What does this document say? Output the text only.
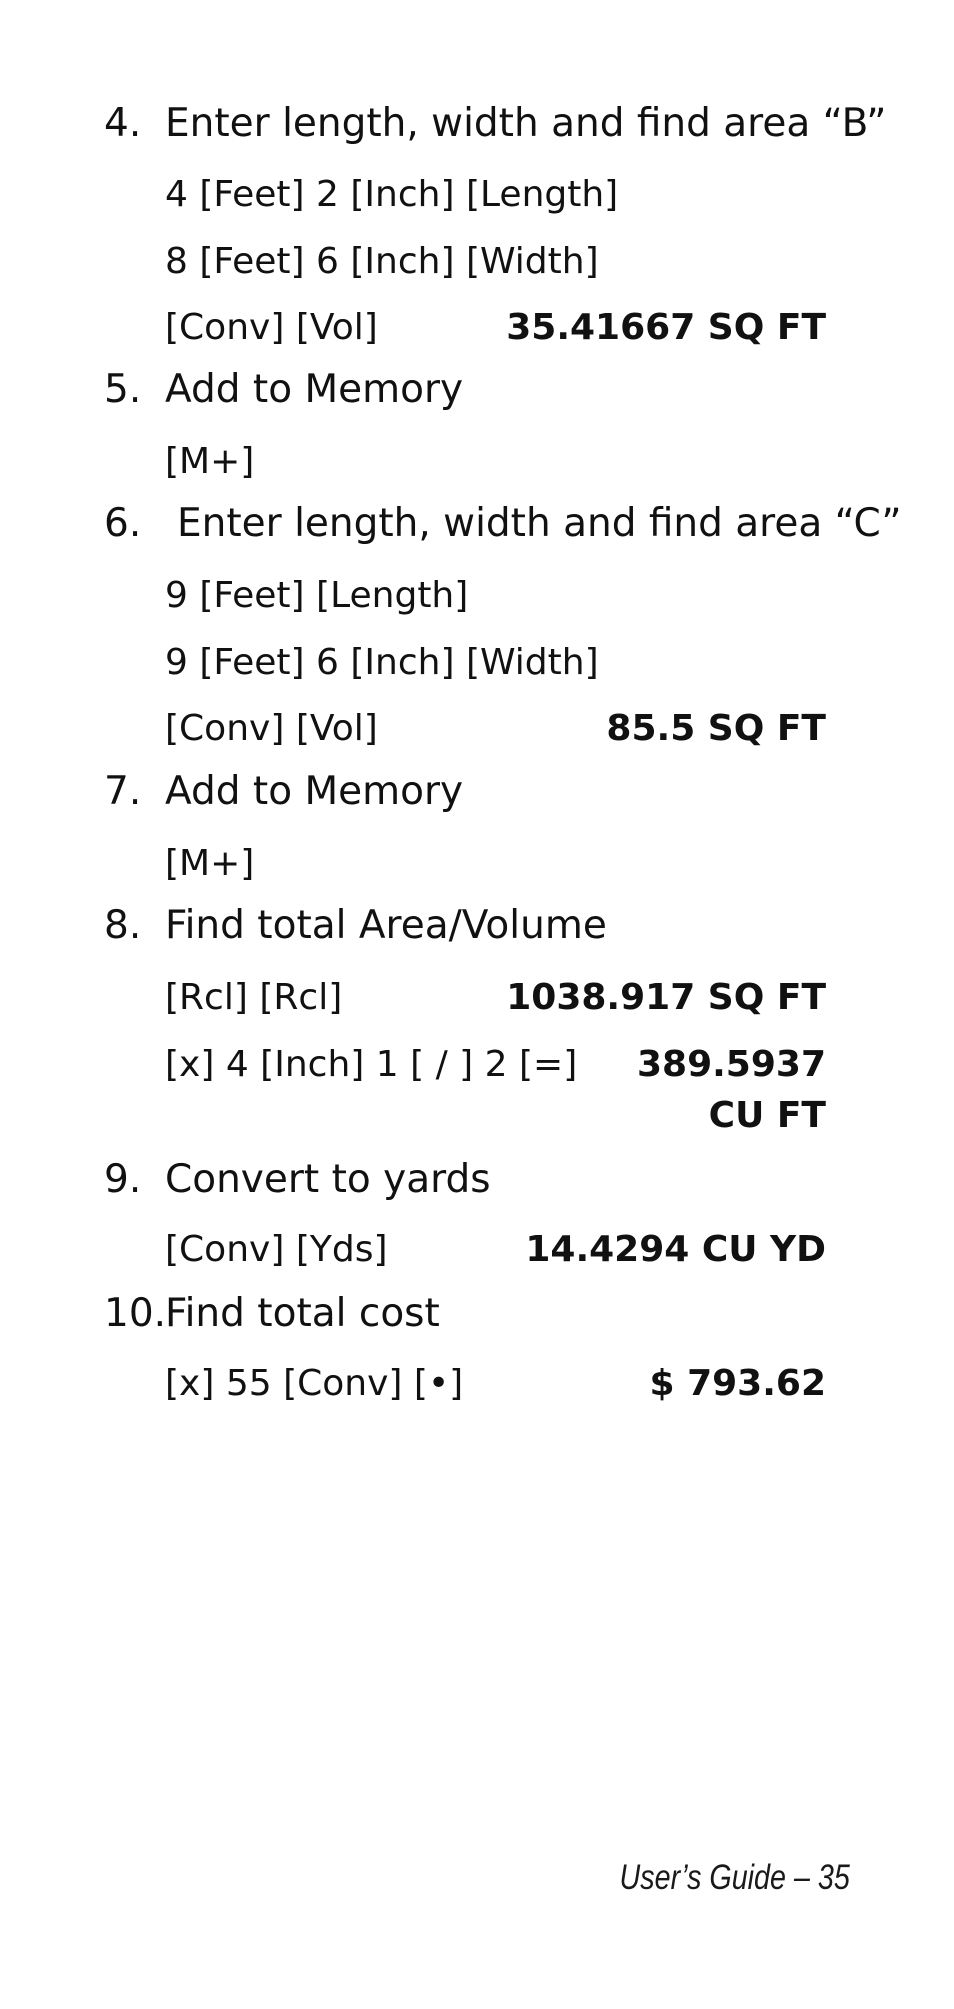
4. Enter length, width and find area “B”
4 [Feet] 2 [Inch] [Length]
8 [Feet] 6 [Inch] [Width]
[Conv] [Vol]	35.41667 SQ FT
5. Add to Memory
[M+]
6. Enter length, width and find area “C”
9 [Feet] [Length]
9 [Feet] 6 [Inch] [Width]
[Conv] [Vol]	85.5 SQ FT
7. Add to Memory
[M+]
8. Find total Area/Volume
[Rcl] [Rcl]	1038.917 SQ FT
[x] 4 [Inch] 1 [ / ] 2 [=] 389.5937
CU FT
9. Convert to yards
[Conv] [Yds]	14.4294 CU YD
10.
Find total cost
[x] 55 [Conv] [•]	$ 793.62
User’s Guide – 35
